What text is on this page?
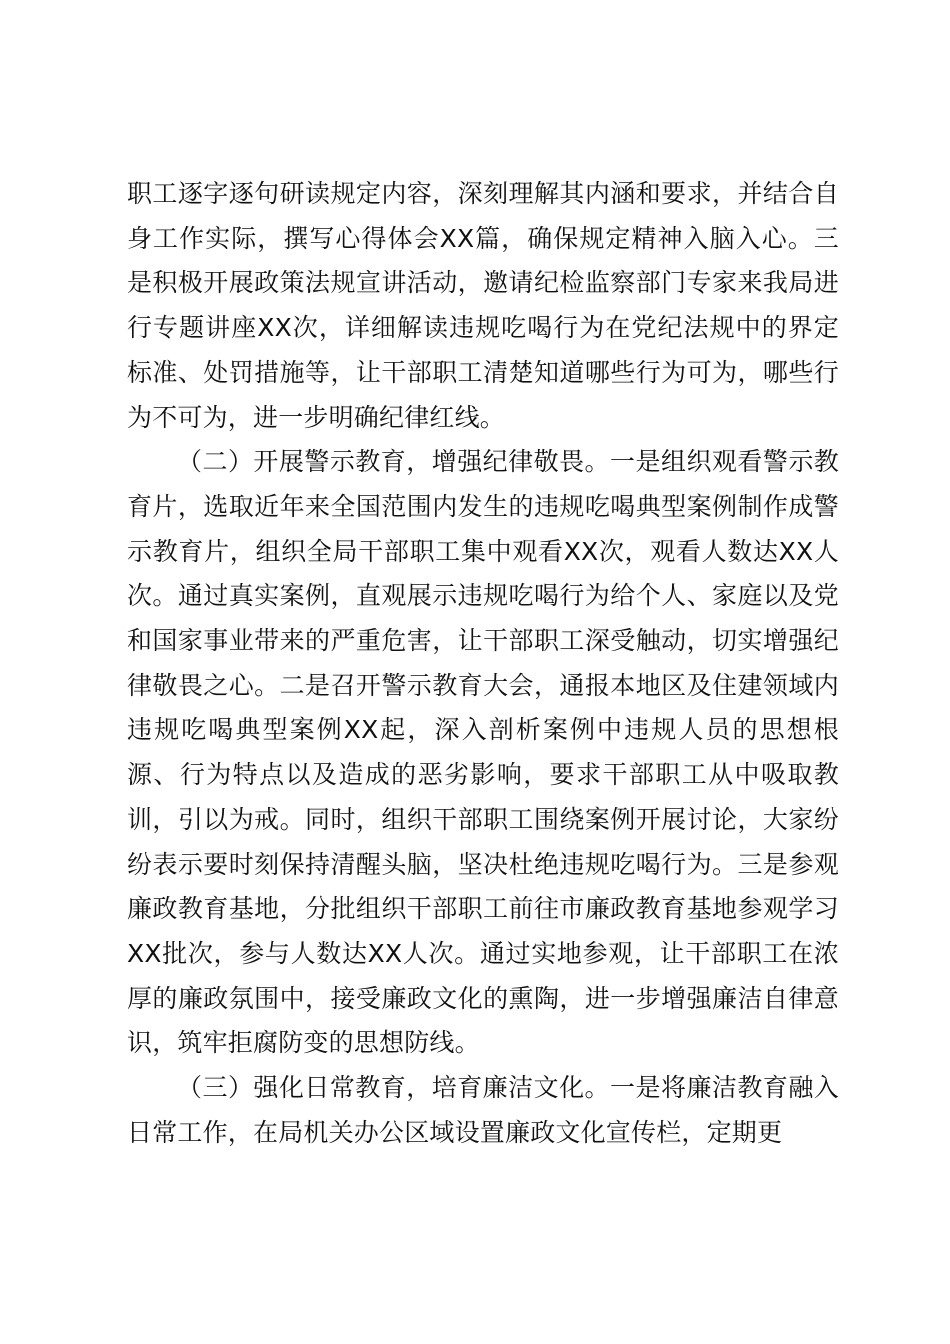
职工逐字逐句研读规定内容，深刻理解其内涵和要求，并结合自身工作实际，撰写心得体会XX篇，确保规定精神入脑入心。三是积极开展政策法规宣讲活动，邀请纪检监察部门专家来我局进行专题讲座XX次，详细解读违规吃喝行为在党纪法规中的界定标准、处罚措施等，让干部职工清楚知道哪些行为可为，哪些行为不可为，进一步明确纪律红线。

（二）开展警示教育，增强纪律敬畏。一是组织观看警示教育片，选取近年来全国范围内发生的违规吃喝典型案例制作成警示教育片，组织全局干部职工集中观看XX次，观看人数达XX人次。通过真实案例，直观展示违规吃喝行为给个人、家庭以及党和国家事业带来的严重危害，让干部职工深受触动，切实增强纪律敬畏之心。二是召开警示教育大会，通报本地区及住建领域内违规吃喝典型案例XX起，深入剖析案例中违规人员的思想根源、行为特点以及造成的恶劣影响，要求干部职工从中吸取教训，引以为戒。同时，组织干部职工围绕案例开展讨论，大家纷纷表示要时刻保持清醒头脑，坚决杜绝违规吃喝行为。三是参观廉政教育基地，分批组织干部职工前往市廉政教育基地参观学习XX批次，参与人数达XX人次。通过实地参观，让干部职工在浓厚的廉政氛围中，接受廉政文化的熏陶，进一步增强廉洁自律意识，筑牢拒腐防变的思想防线。

（三）强化日常教育，培育廉洁文化。一是将廉洁教育融入日常工作，在局机关办公区域设置廉政文化宣传栏，定期更
